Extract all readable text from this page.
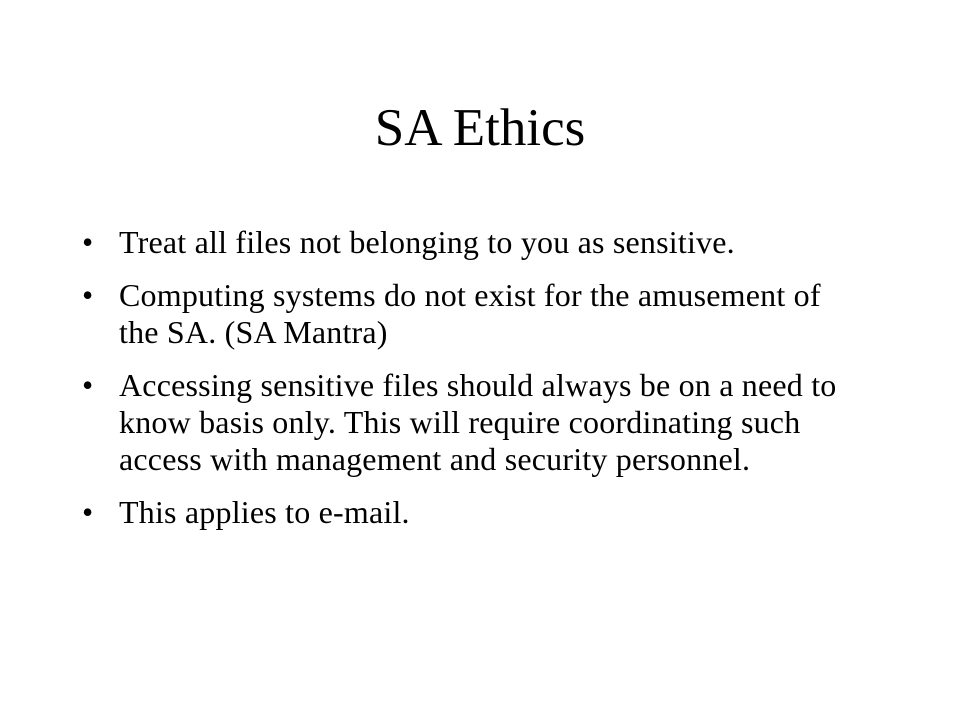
SA Ethics
• Treat all files not belonging to you as sensitive.
• Computing systems do not exist for the amusement of the SA. (SA Mantra)
• Accessing sensitive files should always be on a need to know basis only. This will require coordinating such access with management and security personnel.
• This applies to e-mail.
